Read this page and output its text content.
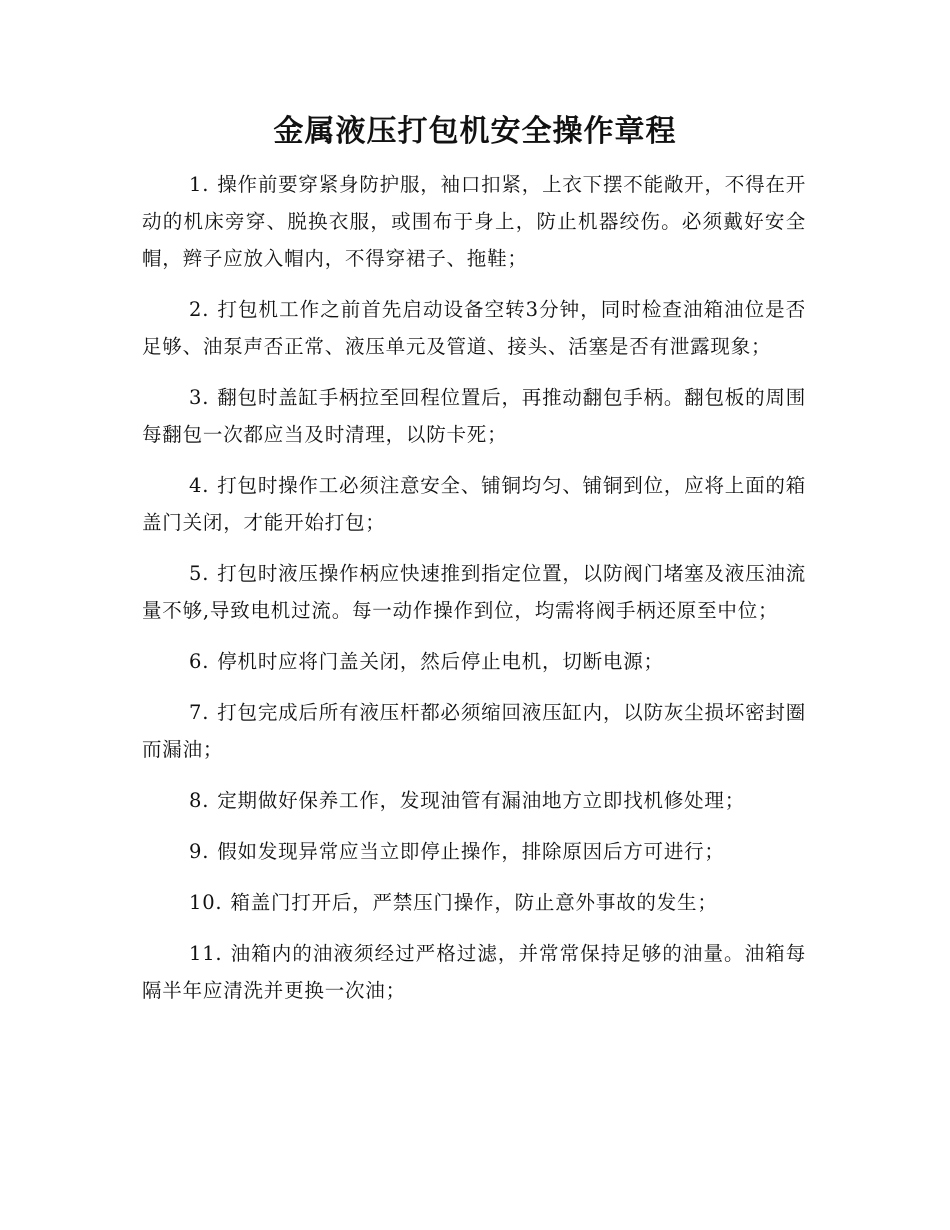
金属液压打包机安全操作章程

1. 操作前要穿紧身防护服，袖口扣紧，上衣下摆不能敞开，不得在开动的机床旁穿、脱换衣服，或围布于身上，防止机器绞伤。必须戴好安全帽，辫子应放入帽内，不得穿裙子、拖鞋；

2. 打包机工作之前首先启动设备空转3分钟，同时检查油箱油位是否足够、油泵声否正常、液压单元及管道、接头、活塞是否有泄露现象；

3. 翻包时盖缸手柄拉至回程位置后，再推动翻包手柄。翻包板的周围每翻包一次都应当及时清理，以防卡死；

4. 打包时操作工必须注意安全、铺铜均匀、铺铜到位，应将上面的箱盖门关闭，才能开始打包；

5. 打包时液压操作柄应快速推到指定位置，以防阀门堵塞及液压油流量不够,导致电机过流。每一动作操作到位，均需将阀手柄还原至中位；

6. 停机时应将门盖关闭，然后停止电机，切断电源；

7. 打包完成后所有液压杆都必须缩回液压缸内，以防灰尘损坏密封圈而漏油；

8. 定期做好保养工作，发现油管有漏油地方立即找机修处理；

9. 假如发现异常应当立即停止操作，排除原因后方可进行；

10. 箱盖门打开后，严禁压门操作，防止意外事故的发生；

11. 油箱内的油液须经过严格过滤，并常常保持足够的油量。油箱每隔半年应清洗并更换一次油；
